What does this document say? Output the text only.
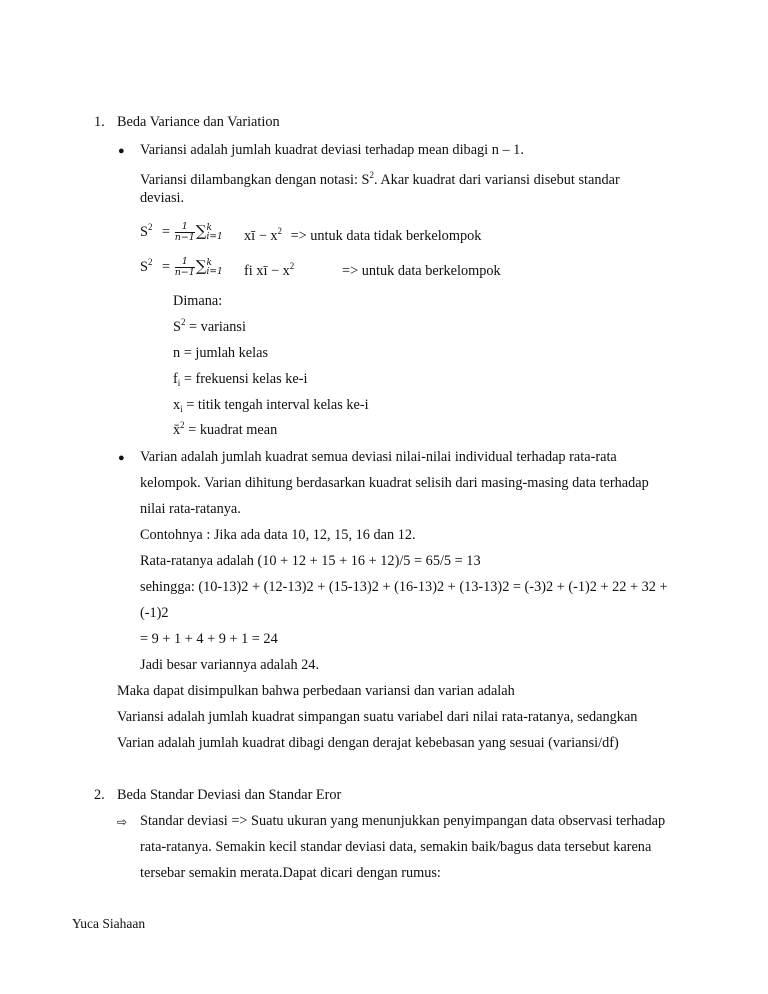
1. Beda Variance dan Variation
● Variansi adalah jumlah kuadrat deviasi terhadap mean dibagi n – 1.
Variansi dilambangkan dengan notasi: $S^2$. Akar kuadrat dari variansi disebut standar
deviasi.
$S^2 = \frac{1}{n-1}$ ∑ k
i=1 xī − $x^2$ => untuk data tidak berkelompok
$S^2 = \frac{1}{n-1}$ ∑ k
i=1 fi xī − $x^2$	=> untuk data berkelompok
Dimana:
$S^2$ = variansi
n = jumlah kelas
$f_i$ = frekuensi kelas ke-i
$x_i$ = titik tengah interval kelas ke-i
x̄$^2$ = kuadrat mean
● Varian adalah jumlah kuadrat semua deviasi nilai-nilai individual terhadap rata-rata
kelompok. Varian dihitung berdasarkan kuadrat selisih dari masing-masing data terhadap
nilai rata-ratanya.
Contohnya : Jika ada data 10, 12, 15, 16 dan 12.
Rata-ratanya adalah (10 + 12 + 15 + 16 + 12)/5 = 65/5 = 13
sehingga: (10-13)2 + (12-13)2 + (15-13)2 + (16-13)2 + (13-13)2 = (-3)2 + (-1)2 + 22 + 32 +
(-1)2
= 9 + 1 + 4 + 9 + 1 = 24
Jadi besar variannya adalah 24.
Maka dapat disimpulkan bahwa perbedaan variansi dan varian adalah
Variansi adalah jumlah kuadrat simpangan suatu variabel dari nilai rata-ratanya, sedangkan
Varian adalah jumlah kuadrat dibagi dengan derajat kebebasan yang sesuai (variansi/df)
2. Beda Standar Deviasi dan Standar Eror
⇨ Standar deviasi => Suatu ukuran yang menunjukkan penyimpangan data observasi terhadap
rata-ratanya. Semakin kecil standar deviasi data, semakin baik/bagus data tersebut karena
tersebar semakin merata.Dapat dicari dengan rumus:
Yuca Siahaan
